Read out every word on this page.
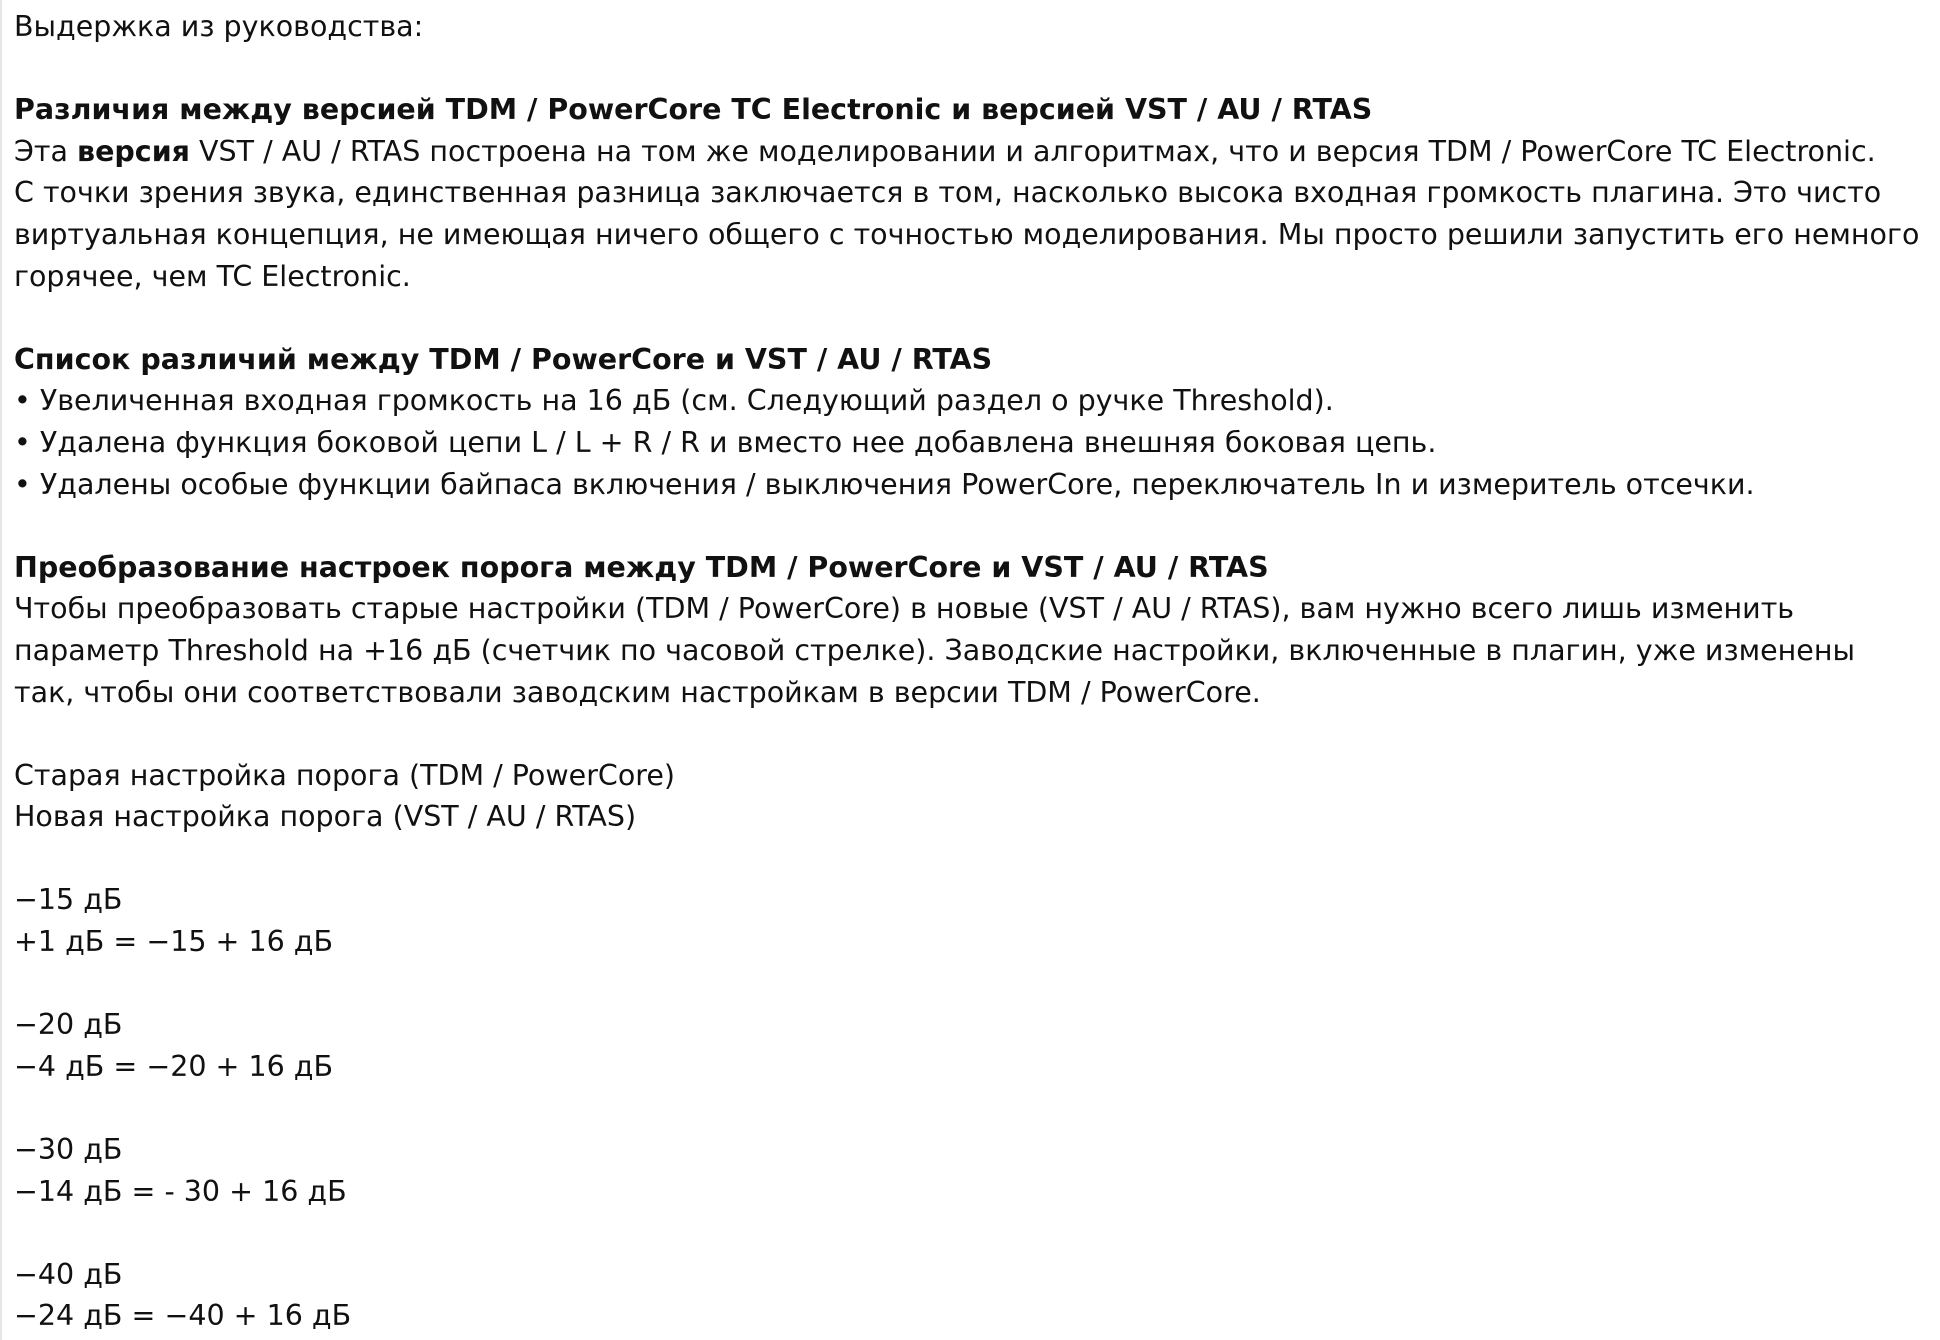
Выдержка из руководства:
Различия между версией TDM / PowerCore TC Electronic и версией VST / AU / RTAS
Эта версия VST / AU / RTAS построена на том же моделировании и алгоритмах, что и версия TDM / PowerCore TC Electronic.
С точки зрения звука, единственная разница заключается в том, насколько высока входная громкость плагина. Это чисто
виртуальная концепция, не имеющая ничего общего с точностью моделирования. Мы просто решили запустить его немного
горячее, чем TC Electronic.
Список различий между TDM / PowerCore и VST / AU / RTAS
• Увеличенная входная громкость на 16 дБ (см. Следующий раздел о ручке Threshold).
• Удалена функция боковой цепи L / L + R / R и вместо нее добавлена внешняя боковая цепь.
• Удалены особые функции байпаса включения / выключения PowerCore, переключатель In и измеритель отсечки.
Преобразование настроек порога между TDM / PowerCore и VST / AU / RTAS
Чтобы преобразовать старые настройки (TDM / PowerCore) в новые (VST / AU / RTAS), вам нужно всего лишь изменить
параметр Threshold на +16 дБ (счетчик по часовой стрелке). Заводские настройки, включенные в плагин, уже изменены
так, чтобы они соответствовали заводским настройкам в версии TDM / PowerCore.
Старая настройка порога (TDM / PowerCore)
Новая настройка порога (VST / AU / RTAS)
−15 дБ
+1 дБ = −15 + 16 дБ
−20 дБ
−4 дБ = −20 + 16 дБ
−30 дБ
−14 дБ = - 30 + 16 дБ
−40 дБ
−24 дБ = −40 + 16 дБ
